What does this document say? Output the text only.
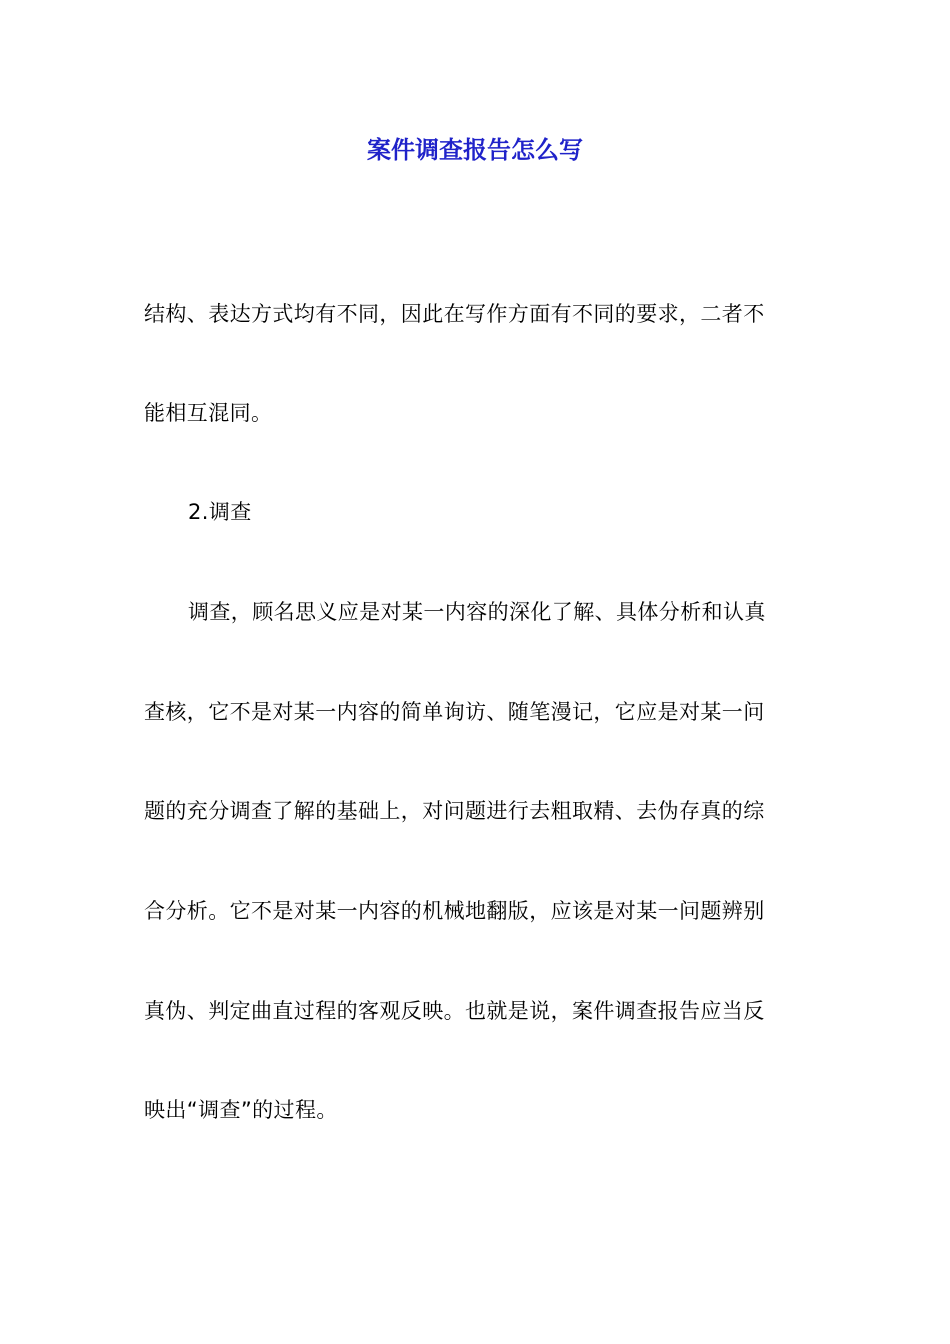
案件调查报告怎么写

结构、表达方式均有不同，因此在写作方面有不同的要求，二者不

能相互混同。

2.调查

调查，顾名思义应是对某一内容的深化了解、具体分析和认真

查核，它不是对某一内容的简单询访、随笔漫记，它应是对某一问

题的充分调查了解的基础上，对问题进行去粗取精、去伪存真的综

合分析。它不是对某一内容的机械地翻版，应该是对某一问题辨别

真伪、判定曲直过程的客观反映。也就是说，案件调查报告应当反

映出“调查”的过程。
